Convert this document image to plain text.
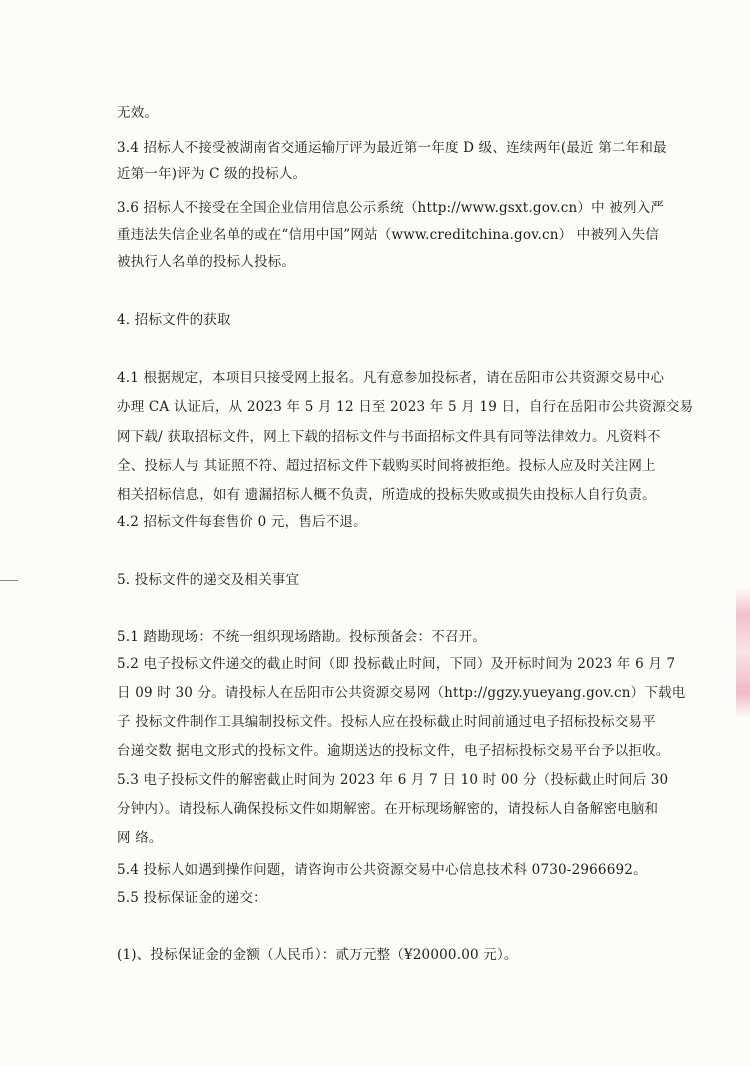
无效。
3.4 招标人不接受被湖南省交通运输厅评为最近第一年度 D 级、连续两年(最近 第二年和最
近第一年)评为 C 级的投标人。
3.6 招标人不接受在全国企业信用信息公示系统（http://www.gsxt.gov.cn）中 被列入严
重违法失信企业名单的或在“信用中国”网站（www.creditchina.gov.cn） 中被列入失信
被执行人名单的投标人投标。
4. 招标文件的获取
4.1 根据规定，本项目只接受网上报名。凡有意参加投标者，请在岳阳市公共资源交易中心
办理 CA 认证后，从 2023 年 5 月 12 日至 2023 年 5 月 19 日，自行在岳阳市公共资源交易
网下载/ 获取招标文件，网上下载的招标文件与书面招标文件具有同等法律效力。凡资料不
全、投标人与 其证照不符、超过招标文件下载购买时间将被拒绝。投标人应及时关注网上
相关招标信息，如有 遗漏招标人概不负责，所造成的投标失败或损失由投标人自行负责。
4.2 招标文件每套售价 0 元，售后不退。
5. 投标文件的递交及相关事宜
5.1 踏勘现场：不统一组织现场踏勘。投标预备会：不召开。
5.2 电子投标文件递交的截止时间（即 投标截止时间，下同）及开标时间为 2023 年 6 月 7
日 09 时 30 分。请投标人在岳阳市公共资源交易网（http://ggzy.yueyang.gov.cn）下载电
子 投标文件制作工具编制投标文件。投标人应在投标截止时间前通过电子招标投标交易平
台递交数 据电文形式的投标文件。逾期送达的投标文件，电子招标投标交易平台予以拒收。
5.3 电子投标文件的解密截止时间为 2023 年 6 月 7 日 10 时 00 分（投标截止时间后 30
分钟内）。请投标人确保投标文件如期解密。在开标现场解密的，请投标人自备解密电脑和
网 络。
5.4 投标人如遇到操作问题，请咨询市公共资源交易中心信息技术科 0730-2966692。
5.5 投标保证金的递交：
(1)、投标保证金的金额（人民币）：贰万元整（¥20000.00 元）。
